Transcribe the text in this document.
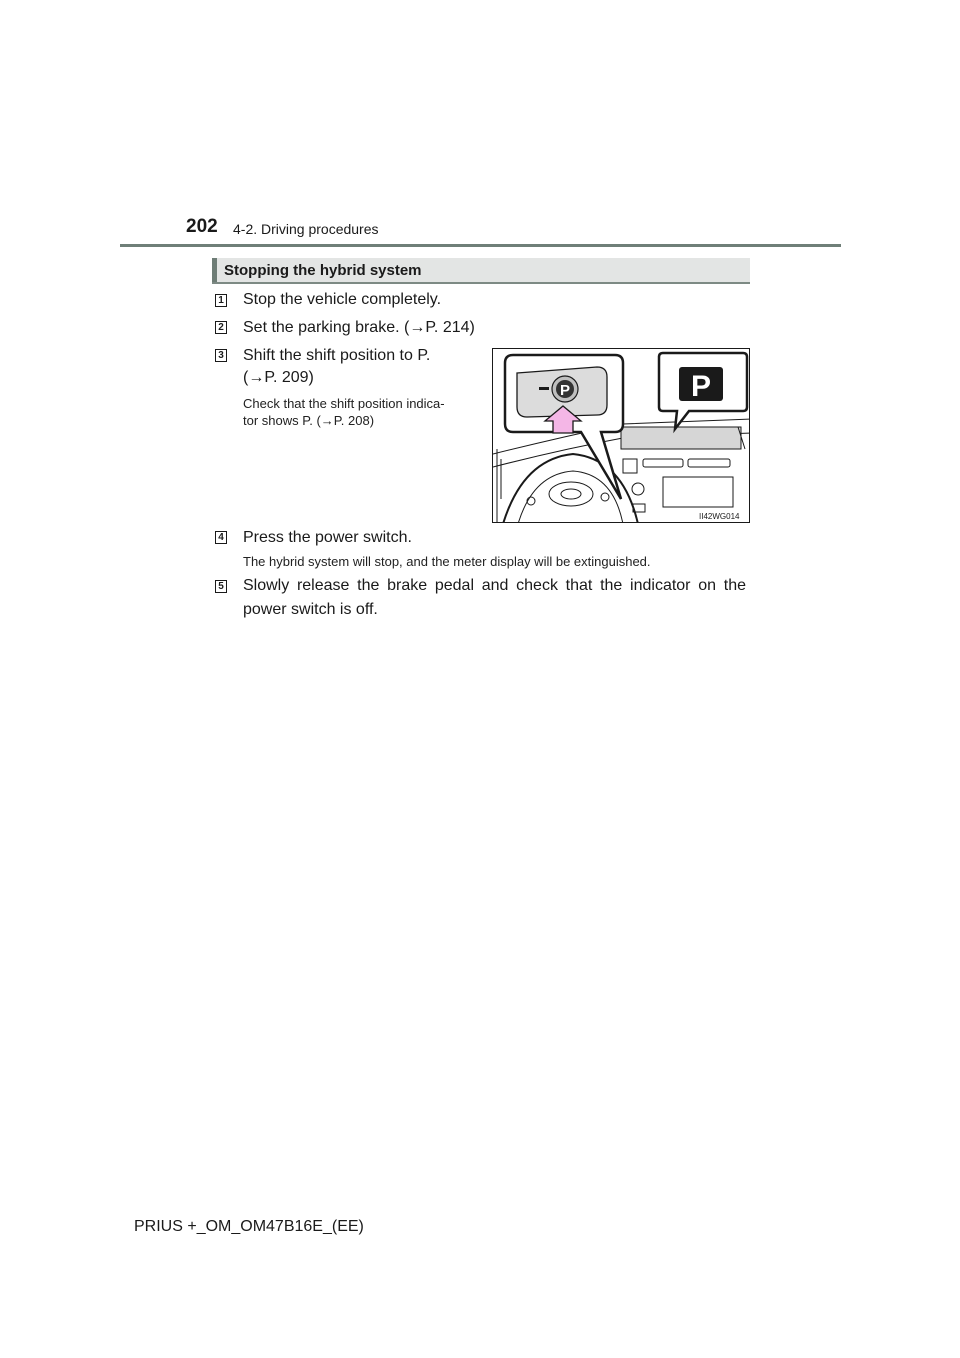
202 4-2. Driving procedures
Stopping the hybrid system
1 Stop the vehicle completely.
2 Set the parking brake. (→P. 214)
3 Shift the shift position to P.
(→P. 209)
Check that the shift position indica-
tor shows P. (→P. 208)
P	P
II42WG014
4 Press the power switch.
The hybrid system will stop, and the meter display will be extinguished.
5 Slowly release the brake pedal and check that the indicator on the
power switch is off.
PRIUS +_OM_OM47B16E_(EE)
